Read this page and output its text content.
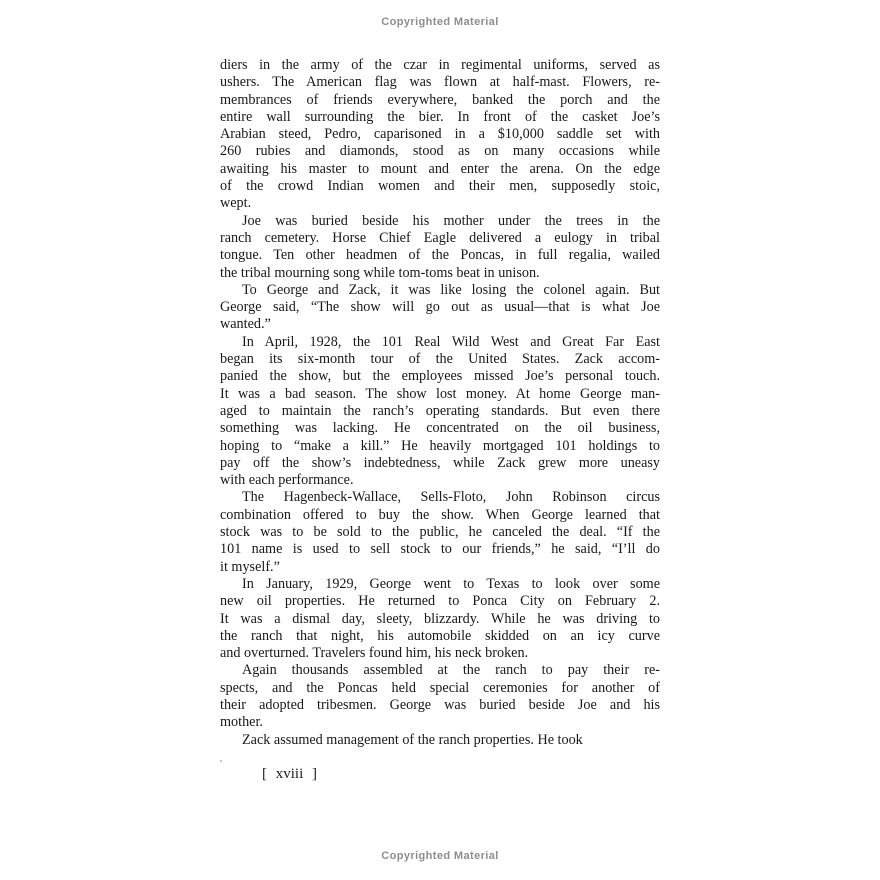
Copyrighted Material
diers in the army of the czar in regimental uniforms, served as
ushers. The American flag was flown at half-mast. Flowers, re-
membrances of friends everywhere, banked the porch and the
entire wall surrounding the bier. In front of the casket Joe’s
Arabian steed, Pedro, caparisoned in a $10,000 saddle set with
260 rubies and diamonds, stood as on many occasions while
awaiting his master to mount and enter the arena. On the edge
of the crowd Indian women and their men, supposedly stoic,
wept.
Joe was buried beside his mother under the trees in the
ranch cemetery. Horse Chief Eagle delivered a eulogy in tribal
tongue. Ten other headmen of the Poncas, in full regalia, wailed
the tribal mourning song while tom-toms beat in unison.
To George and Zack, it was like losing the colonel again. But
George said, “The show will go out as usual—that is what Joe
wanted.”
In April, 1928, the 101 Real Wild West and Great Far East
began its six-month tour of the United States. Zack accom-
panied the show, but the employees missed Joe’s personal touch.
It was a bad season. The show lost money. At home George man-
aged to maintain the ranch’s operating standards. But even there
something was lacking. He concentrated on the oil business,
hoping to “make a kill.” He heavily mortgaged 101 holdings to
pay off the show’s indebtedness, while Zack grew more uneasy
with each performance.
The Hagenbeck-Wallace, Sells-Floto, John Robinson circus
combination offered to buy the show. When George learned that
stock was to be sold to the public, he canceled the deal. “If the
101 name is used to sell stock to our friends,” he said, “I’ll do
it myself.”
In January, 1929, George went to Texas to look over some
new oil properties. He returned to Ponca City on February 2.
It was a dismal day, sleety, blizzardy. While he was driving to
the ranch that night, his automobile skidded on an icy curve
and overturned. Travelers found him, his neck broken.
Again thousands assembled at the ranch to pay their re-
spects, and the Poncas held special ceremonies for another of
their adopted tribesmen. George was buried beside Joe and his
mother.
Zack assumed management of the ranch properties. He took
[ xviii ]
Copyrighted Material
